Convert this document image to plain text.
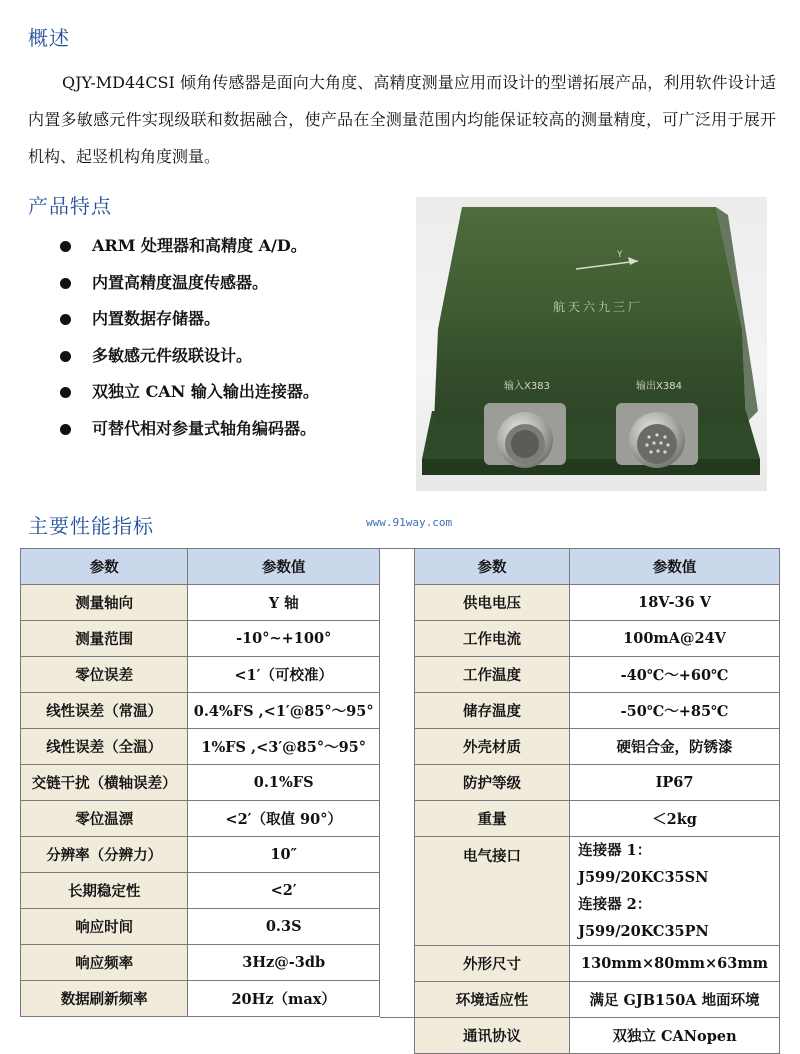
概述
QJY-MD44CSI 倾角传感器是面向大角度、高精度测量应用而设计的型谱拓展产品，利用软件设计适内置多敏感元件实现级联和数据融合，使产品在全测量范围内均能保证较高的测量精度，可广泛用于展开机构、起竖机构角度测量。
产品特点
ARM 处理器和高精度 A/D。
内置高精度温度传感器。
内置数据存储器。
多敏感元件级联设计。
双独立 CAN 输入输出连接器。
可替代相对参量式轴角编码器。
Y
航天六九三厂
输入X383	输出X384
主要性能指标	www.91way.com
参数	参数值
测量轴向	Y 轴
测量范围	-10°~+100°
零位误差	<1′（可校准）
线性误差（常温）	0.4%FS ,<1′@85°～95°
线性误差（全温）	1%FS ,<3′@85°～95°
交链干扰（横轴误差）	0.1%FS
零位温漂	<2′（取值 90°）
分辨率（分辨力）	10″
长期稳定性	<2′
响应时间	0.3S
响应频率	3Hz@-3db
数据刷新频率	20Hz（max）
参数	参数值
供电电压	18V-36 V
工作电流	100mA@24V
工作温度	-40℃～+60℃
储存温度	-50℃～+85℃
外壳材质	硬铝合金，防锈漆
防护等级	IP67
重量	＜2kg
电气接口	连接器 1：J599/20KC35SN
连接器 2：J599/20KC35PN

外形尺寸	130mm×80mm×63mm
环境适应性	满足 GJB150A 地面环境
通讯协议	双独立 CANopen
